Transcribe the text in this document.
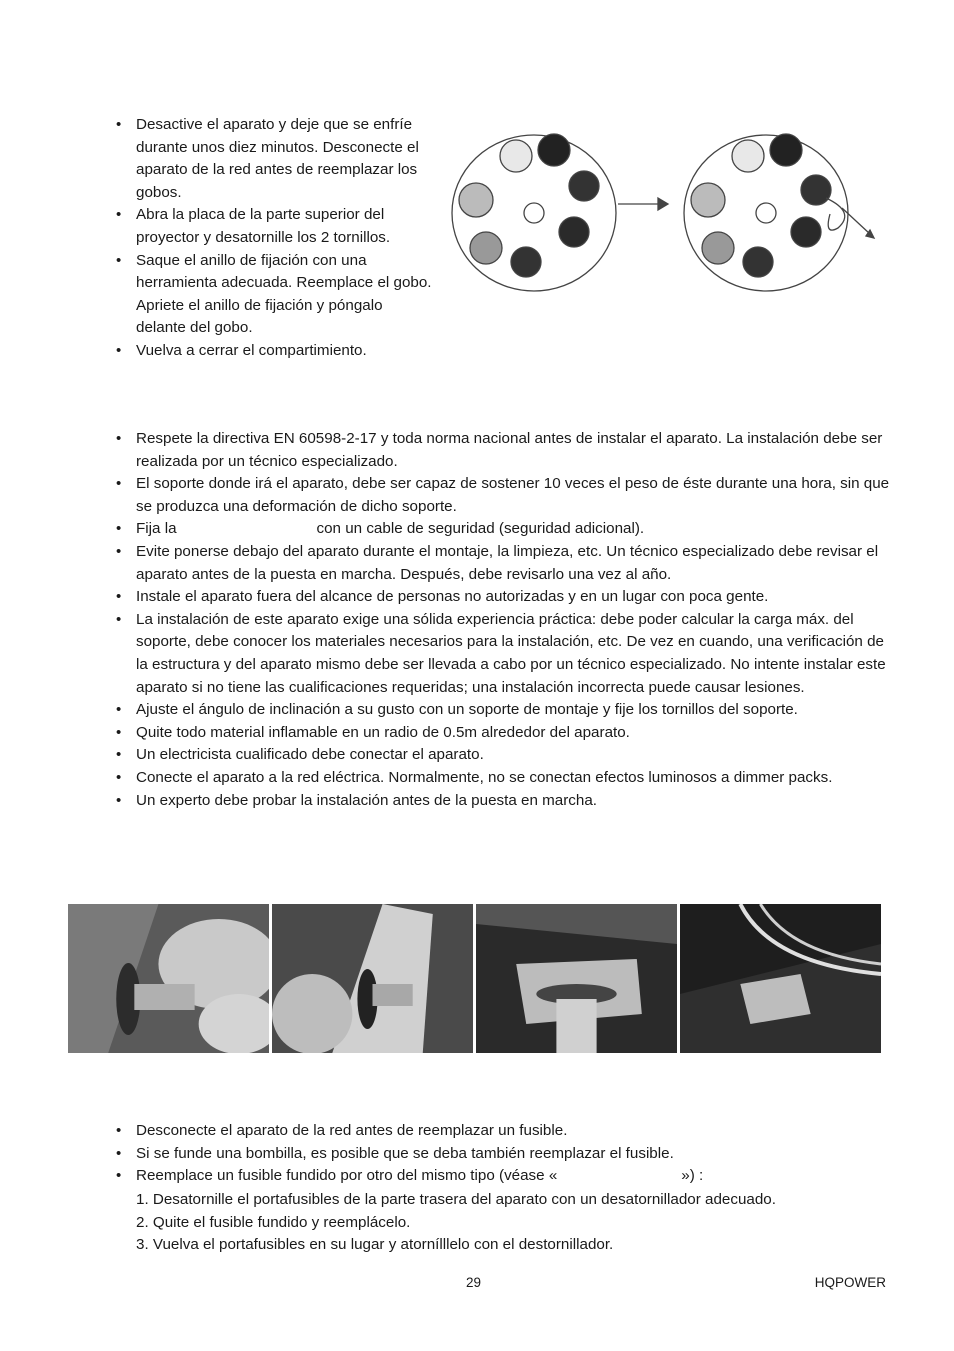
• Desactive el aparato y deje que se enfríe durante unos diez minutos. Desconecte el aparato de la red antes de reemplazar los gobos.
• Abra la placa de la parte superior del proyector y desatornille los 2 tornillos.
• Saque el anillo de fijación con una herramienta adecuada. Reemplace el gobo. Apriete el anillo de fijación y póngalo delante del gobo.
• Vuelva a cerrar el compartimiento.
• Respete la directiva EN 60598-2-17 y toda norma nacional antes de instalar el aparato. La instalación debe ser realizada por un técnico especializado.
• El soporte donde irá el aparato, debe ser capaz de sostener 10 veces el peso de éste durante una hora, sin que se produzca una deformación de dicho soporte.
• Fija la	con un cable de seguridad (seguridad adicional).
• Evite ponerse debajo del aparato durante el montaje, la limpieza, etc. Un técnico especializado debe revisar el aparato antes de la puesta en marcha. Después, debe revisarlo una vez al año.
• Instale el aparato fuera del alcance de personas no autorizadas y en un lugar con poca gente.
• La instalación de este aparato exige una sólida experiencia práctica: debe poder calcular la carga máx. del soporte, debe conocer los materiales necesarios para la instalación, etc. De vez en cuando, una verificación de la estructura y del aparato mismo debe ser llevada a cabo por un técnico especializado. No intente instalar este aparato si no tiene las cualificaciones requeridas; una instalación incorrecta puede causar lesiones.
• Ajuste el ángulo de inclinación a su gusto con un soporte de montaje y fije los tornillos del soporte.
• Quite todo material inflamable en un radio de 0.5m alrededor del aparato.
• Un electricista cualificado debe conectar el aparato.
• Conecte el aparato a la red eléctrica. Normalmente, no se conectan efectos luminosos a dimmer packs.
• Un experto debe probar la instalación antes de la puesta en marcha.
• Desconecte el aparato de la red antes de reemplazar un fusible.
• Si se funde una bombilla, es posible que se deba también reemplazar el fusible.
• Reemplace un fusible fundido por otro del mismo tipo (véase «	») :
1. Desatornille el portafusibles de la parte trasera del aparato con un desatornillador adecuado.
2. Quite el fusible fundido y reemplácelo.
3. Vuelva el portafusibles en su lugar y atornílllelo con el destornillador.
29	HQPOWER
